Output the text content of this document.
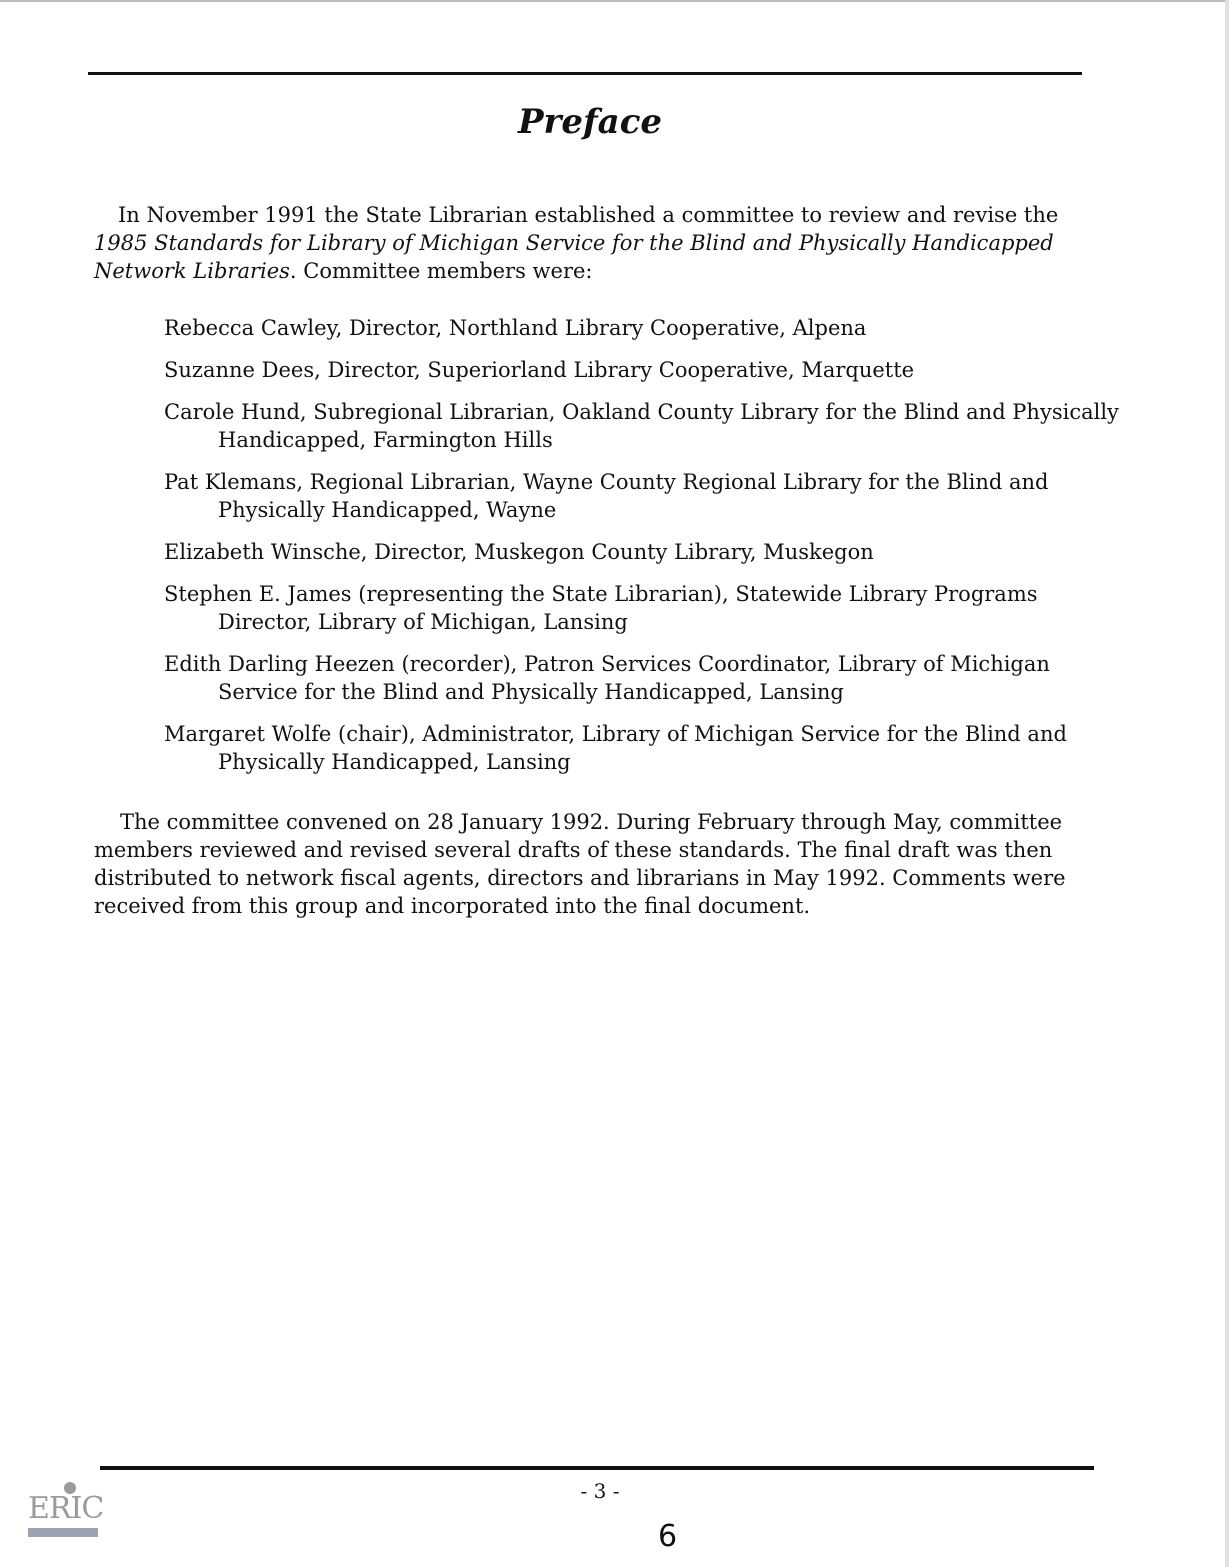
Preface

In November 1991 the State Librarian established a committee to review and revise the 1985 Standards for Library of Michigan Service for the Blind and Physically Handicapped Network Libraries. Committee members were:

Rebecca Cawley, Director, Northland Library Cooperative, Alpena
Suzanne Dees, Director, Superiorland Library Cooperative, Marquette
Carole Hund, Subregional Librarian, Oakland County Library for the Blind and Physically Handicapped, Farmington Hills
Pat Klemans, Regional Librarian, Wayne County Regional Library for the Blind and Physically Handicapped, Wayne
Elizabeth Winsche, Director, Muskegon County Library, Muskegon
Stephen E. James (representing the State Librarian), Statewide Library Programs Director, Library of Michigan, Lansing
Edith Darling Heezen (recorder), Patron Services Coordinator, Library of Michigan Service for the Blind and Physically Handicapped, Lansing
Margaret Wolfe (chair), Administrator, Library of Michigan Service for the Blind and Physically Handicapped, Lansing

The committee convened on 28 January 1992. During February through May, committee members reviewed and revised several drafts of these standards. The final draft was then distributed to network fiscal agents, directors and librarians in May 1992. Comments were received from this group and incorporated into the final document.

- 3 -
6
ERIC
